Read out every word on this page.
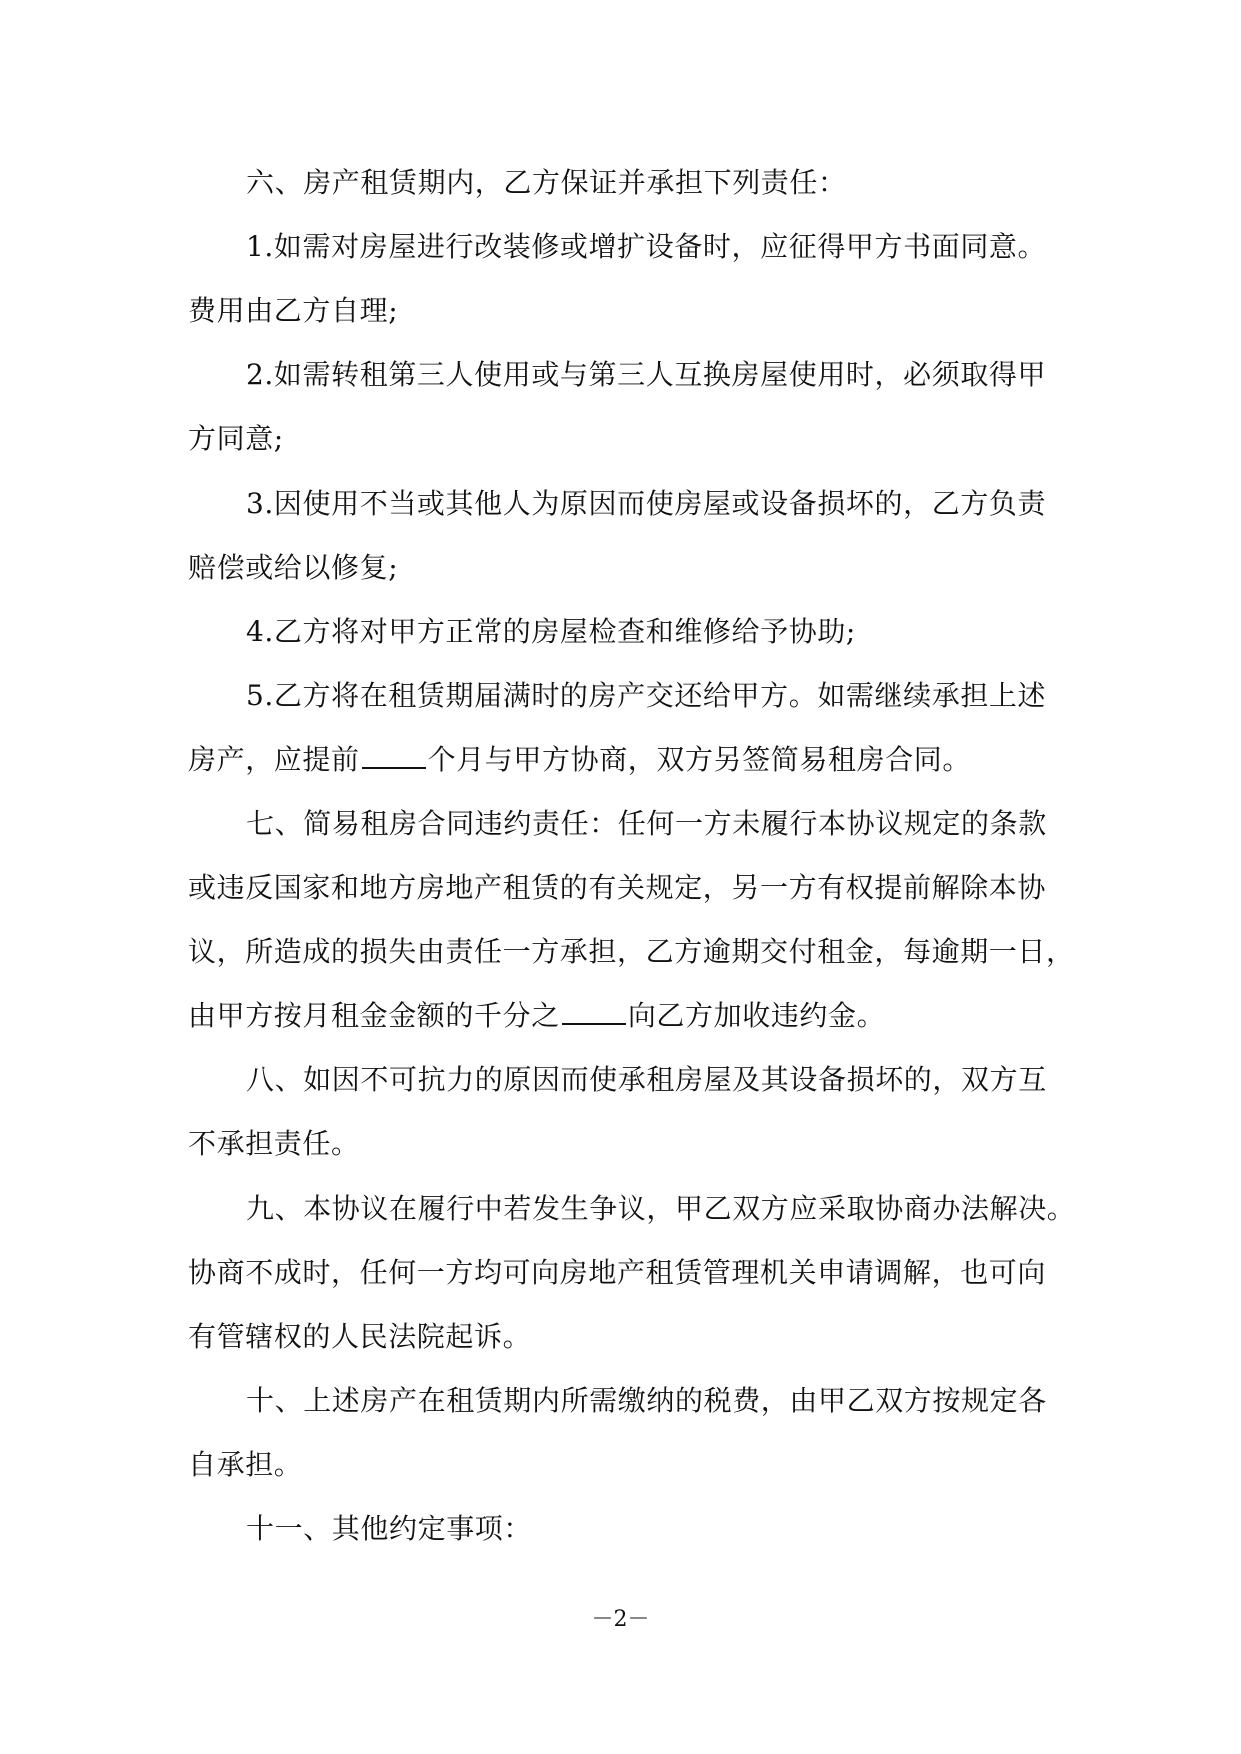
六、房产租赁期内，乙方保证并承担下列责任：
1.如需对房屋进行改装修或增扩设备时，应征得甲方书面同意。
费用由乙方自理;
2.如需转租第三人使用或与第三人互换房屋使用时，必须取得甲
方同意;
3.因使用不当或其他人为原因而使房屋或设备损坏的，乙方负责
赔偿或给以修复;
4.乙方将对甲方正常的房屋检查和维修给予协助;
5.乙方将在租赁期届满时的房产交还给甲方。如需继续承担上述
房产，应提前 个月与甲方协商，双方另签简易租房合同。
七、简易租房合同违约责任：任何一方未履行本协议规定的条款
或违反国家和地方房地产租赁的有关规定，另一方有权提前解除本协
议，所造成的损失由责任一方承担，乙方逾期交付租金，每逾期一日，
由甲方按月租金金额的千分之 向乙方加收违约金。
八、如因不可抗力的原因而使承租房屋及其设备损坏的，双方互
不承担责任。
九、本协议在履行中若发生争议，甲乙双方应采取协商办法解决。
协商不成时，任何一方均可向房地产租赁管理机关申请调解，也可向
有管辖权的人民法院起诉。
十、上述房产在租赁期内所需缴纳的税费，由甲乙双方按规定各
自承担。
十一、其他约定事项：
－2－
